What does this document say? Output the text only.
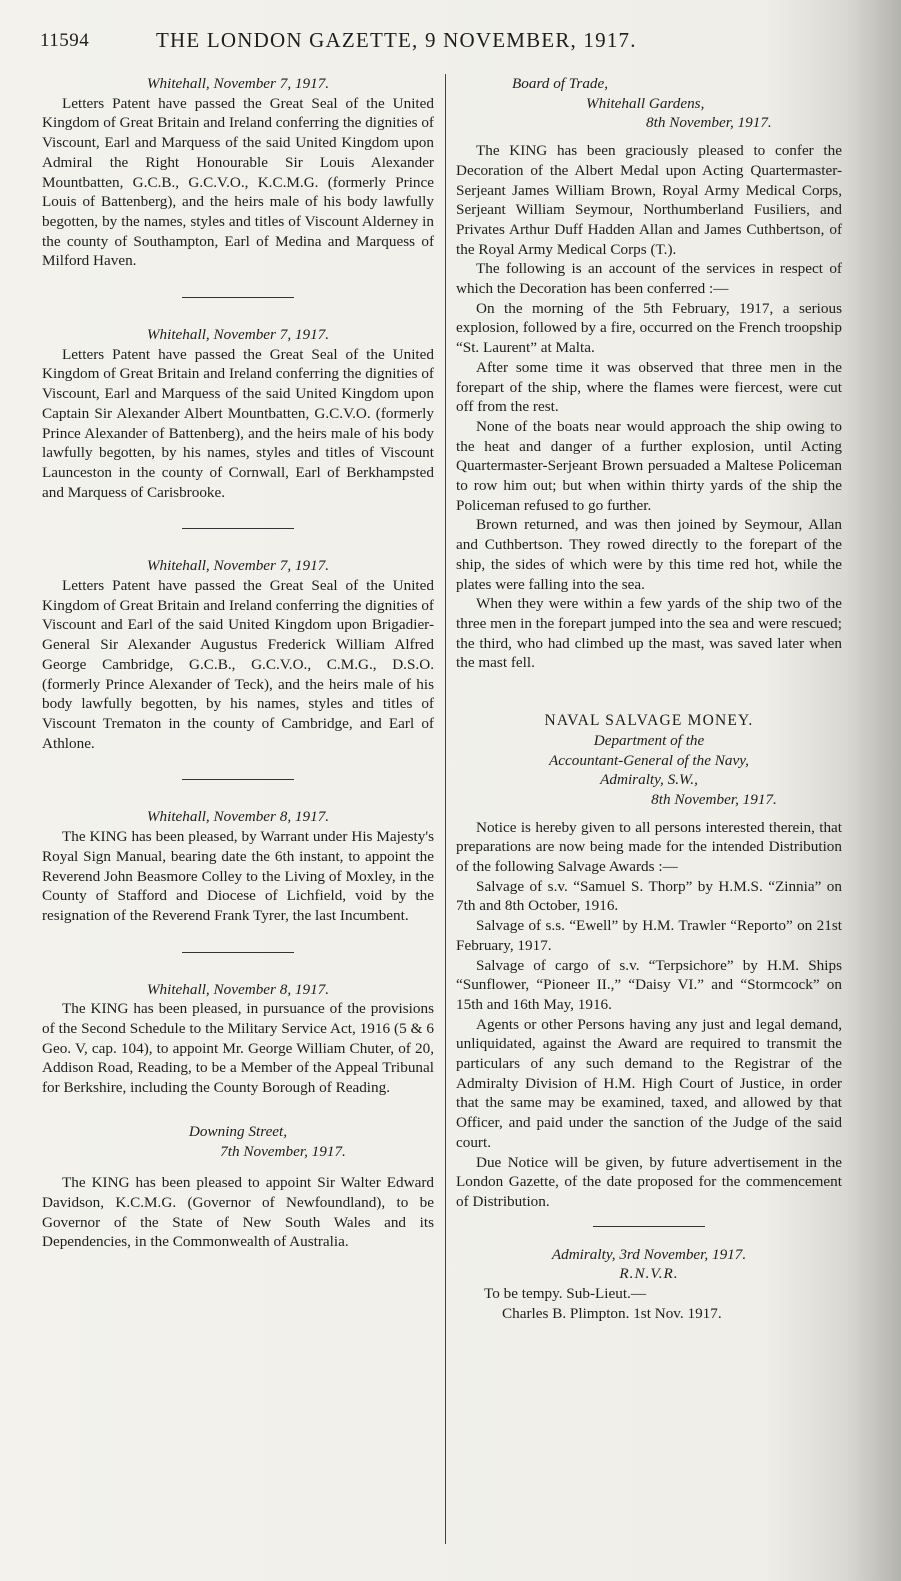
11594	THE LONDON GAZETTE, 9 NOVEMBER, 1917.

Whitehall, November 7, 1917.

Letters Patent have passed the Great Seal of the United Kingdom of Great Britain and Ireland conferring the dignities of Viscount, Earl and Marquess of the said United Kingdom upon Admiral the Right Honourable Sir Louis Alexander Mountbatten, G.C.B., G.C.V.O., K.C.M.G. (formerly Prince Louis of Battenberg), and the heirs male of his body lawfully begotten, by the names, styles and titles of Viscount Alderney in the county of Southampton, Earl of Medina and Marquess of Milford Haven.

Whitehall, November 7, 1917.

Letters Patent have passed the Great Seal of the United Kingdom of Great Britain and Ireland conferring the dignities of Viscount, Earl and Marquess of the said United Kingdom upon Captain Sir Alexander Albert Mountbatten, G.C.V.O. (formerly Prince Alexander of Battenberg), and the heirs male of his body lawfully begotten, by his names, styles and titles of Viscount Launceston in the county of Cornwall, Earl of Berkhampsted and Marquess of Carisbrooke.

Whitehall, November 7, 1917.

Letters Patent have passed the Great Seal of the United Kingdom of Great Britain and Ireland conferring the dignities of Viscount and Earl of the said United Kingdom upon Brigadier-General Sir Alexander Augustus Frederick William Alfred George Cambridge, G.C.B., G.C.V.O., C.M.G., D.S.O. (formerly Prince Alexander of Teck), and the heirs male of his body lawfully begotten, by his names, styles and titles of Viscount Trematon in the county of Cambridge, and Earl of Athlone.

Whitehall, November 8, 1917.

The KING has been pleased, by Warrant under His Majesty's Royal Sign Manual, bearing date the 6th instant, to appoint the Reverend John Beasmore Colley to the Living of Moxley, in the County of Stafford and Diocese of Lichfield, void by the resignation of the Reverend Frank Tyrer, the last Incumbent.

Whitehall, November 8, 1917.

The KING has been pleased, in pursuance of the provisions of the Second Schedule to the Military Service Act, 1916 (5 & 6 Geo. V, cap. 104), to appoint Mr. George William Chuter, of 20, Addison Road, Reading, to be a Member of the Appeal Tribunal for Berkshire, including the County Borough of Reading.

Downing Street,

7th November, 1917.

The KING has been pleased to appoint Sir Walter Edward Davidson, K.C.M.G. (Governor of Newfoundland), to be Governor of the State of New South Wales and its Dependencies, in the Commonwealth of Australia.

Board of Trade,

Whitehall Gardens,

8th November, 1917.

The KING has been graciously pleased to confer the Decoration of the Albert Medal upon Acting Quartermaster-Serjeant James William Brown, Royal Army Medical Corps, Serjeant William Seymour, Northumberland Fusiliers, and Privates Arthur Duff Hadden Allan and James Cuthbertson, of the Royal Army Medical Corps (T.).

The following is an account of the services in respect of which the Decoration has been conferred :—

On the morning of the 5th February, 1917, a serious explosion, followed by a fire, occurred on the French troopship “St. Laurent” at Malta.

After some time it was observed that three men in the forepart of the ship, where the flames were fiercest, were cut off from the rest.

None of the boats near would approach the ship owing to the heat and danger of a further explosion, until Acting Quartermaster-Serjeant Brown persuaded a Maltese Policeman to row him out; but when within thirty yards of the ship the Policeman refused to go further.

Brown returned, and was then joined by Seymour, Allan and Cuthbertson. They rowed directly to the forepart of the ship, the sides of which were by this time red hot, while the plates were falling into the sea.

When they were within a few yards of the ship two of the three men in the forepart jumped into the sea and were rescued; the third, who had climbed up the mast, was saved later when the mast fell.

NAVAL SALVAGE MONEY.

Department of the

Accountant-General of the Navy,

Admiralty, S.W.,

8th November, 1917.

Notice is hereby given to all persons interested therein, that preparations are now being made for the intended Distribution of the following Salvage Awards :—

Salvage of s.v. “Samuel S. Thorp” by H.M.S. “Zinnia” on 7th and 8th October, 1916.

Salvage of s.s. “Ewell” by H.M. Trawler “Reporto” on 21st February, 1917.

Salvage of cargo of s.v. “Terpsichore” by H.M. Ships “Sunflower, “Pioneer II.,” “Daisy VI.” and “Stormcock” on 15th and 16th May, 1916.

Agents or other Persons having any just and legal demand, unliquidated, against the Award are required to transmit the particulars of any such demand to the Registrar of the Admiralty Division of H.M. High Court of Justice, in order that the same may be examined, taxed, and allowed by that Officer, and paid under the sanction of the Judge of the said court.

Due Notice will be given, by future advertisement in the London Gazette, of the date proposed for the commencement of Distribution.

Admiralty, 3rd November, 1917.

R.N.V.R.

To be tempy. Sub-Lieut.—

Charles B. Plimpton. 1st Nov. 1917.
